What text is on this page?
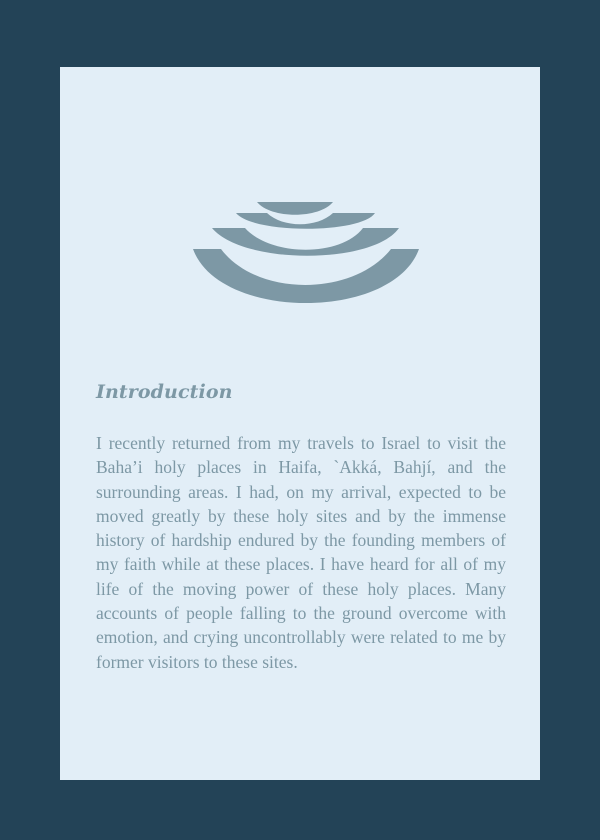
Introduction

I recently returned from my travels to Israel to visit the Baha’i holy places in Haifa, `Akká, Bahjí, and the surrounding areas. I had, on my arrival, expected to be moved greatly by these holy sites and by the immense history of hardship endured by the founding members of my faith while at these places. I have heard for all of my life of the moving power of these holy places. Many accounts of people falling to the ground overcome with emotion, and crying uncontrollably were related to me by former visitors to these sites.
